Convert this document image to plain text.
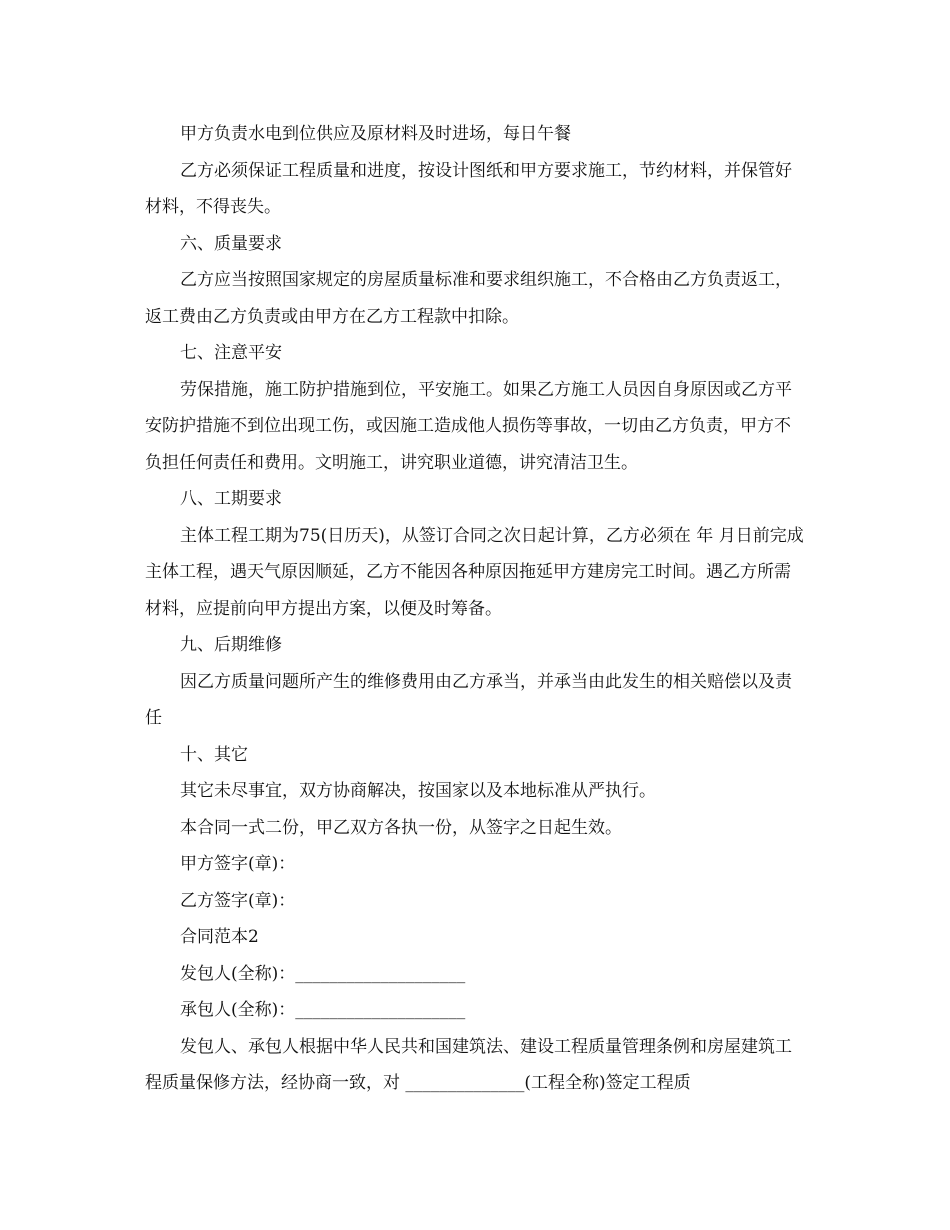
甲方负责水电到位供应及原材料及时进场，每日午餐

乙方必须保证工程质量和进度，按设计图纸和甲方要求施工，节约材料，并保管好材料，不得丧失。

六、质量要求

乙方应当按照国家规定的房屋质量标准和要求组织施工，不合格由乙方负责返工，返工费由乙方负责或由甲方在乙方工程款中扣除。

七、注意平安

劳保措施，施工防护措施到位，平安施工。如果乙方施工人员因自身原因或乙方平安防护措施不到位出现工伤，或因施工造成他人损伤等事故，一切由乙方负责，甲方不负担任何责任和费用。文明施工，讲究职业道德，讲究清洁卫生。

八、工期要求

主体工程工期为75(日历天)，从签订合同之次日起计算，乙方必须在 年 月日前完成主体工程，遇天气原因顺延，乙方不能因各种原因拖延甲方建房完工时间。遇乙方所需材料，应提前向甲方提出方案，以便及时筹备。

九、后期维修

因乙方质量问题所产生的维修费用由乙方承当，并承当由此发生的相关赔偿以及责任

十、其它

其它未尽事宜，双方协商解决，按国家以及本地标准从严执行。

本合同一式二份，甲乙双方各执一份，从签字之日起生效。

甲方签字(章)：

乙方签字(章)：

合同范本2

发包人(全称)：____________________

承包人(全称)：____________________

发包人、承包人根据中华人民共和国建筑法、建设工程质量管理条例和房屋建筑工程质量保修方法，经协商一致，对 ______________(工程全称)签定工程质
